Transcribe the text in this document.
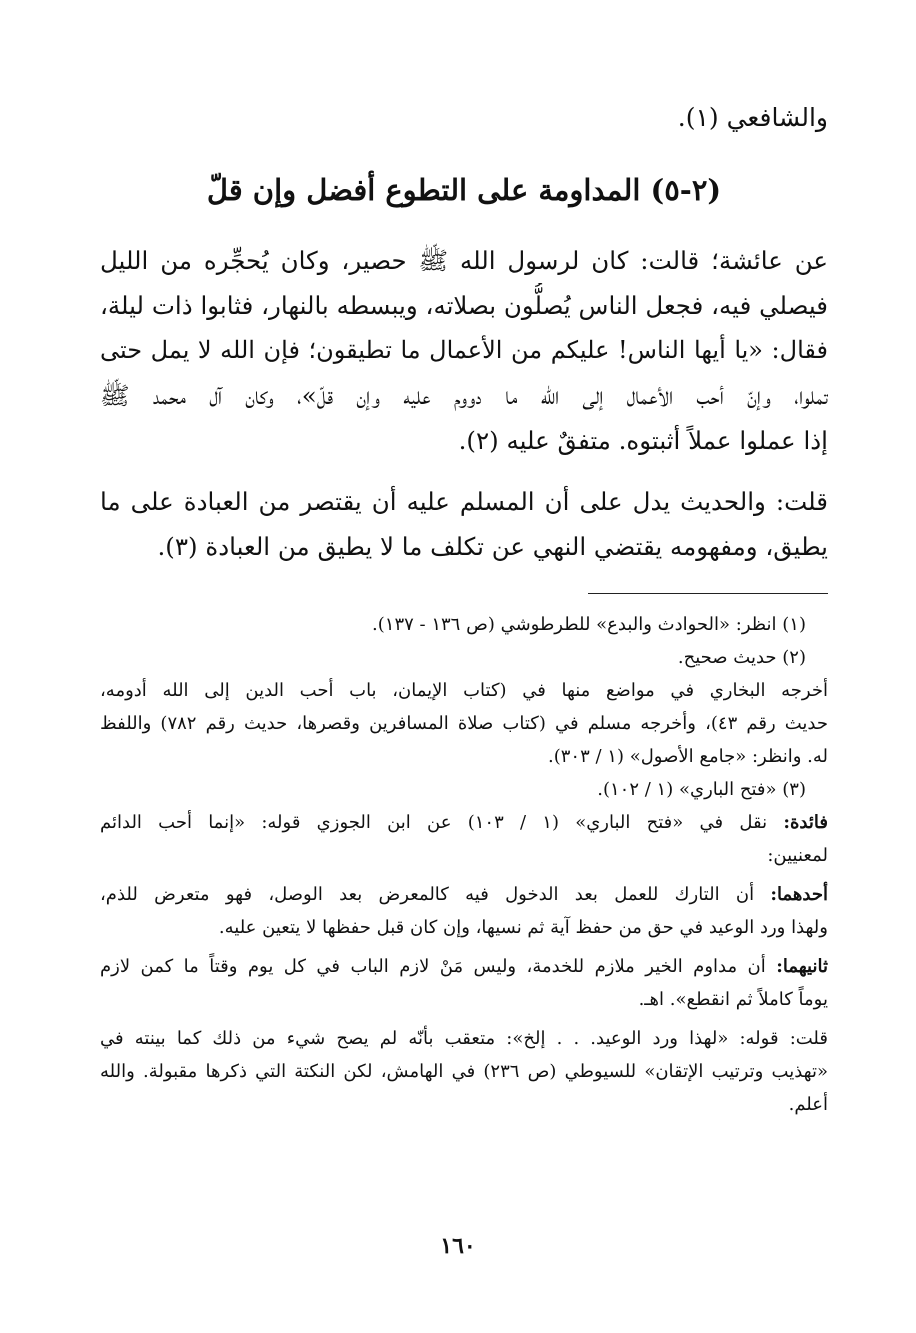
والشافعي (١).
(٢-٥) المداومة على التطوع أفضل وإن قلّ
عن عائشة؛ قالت: كان لرسول الله ﷺ حصير، وكان يُحجِّره من الليل
فيصلي فيه، فجعل الناس يُصلُّون بصلاته، ويبسطه بالنهار، فثابوا ذات ليلة،
فقال: «يا أيها الناس! عليكم من الأعمال ما تطيقون؛ فإن الله لا يمل حتى
تملوا، وإنّ أحب الأعمال إلى الله ما دووم عليه وإن قلّ»، وكان آل محمد ﷺ
إذا عملوا عملاً أثبتوه. متفقٌ عليه (٢).
قلت: والحديث يدل على أن المسلم عليه أن يقتصر من العبادة على ما
يطيق، ومفهومه يقتضي النهي عن تكلف ما لا يطيق من العبادة (٣).
(١) انظر: «الحوادث والبدع» للطرطوشي (ص ١٣٦ - ١٣٧).
(٢) حديث صحيح.
أخرجه البخاري في مواضع منها في (كتاب الإيمان، باب أحب الدين إلى الله أدومه،
حديث رقم ٤٣)، وأخرجه مسلم في (كتاب صلاة المسافرين وقصرها، حديث رقم ٧٨٢) واللفظ
له. وانظر: «جامع الأصول» (١ / ٣٠٣).
(٣) «فتح الباري» (١ / ١٠٢).
فائدة: نقل في «فتح الباري» (١ / ١٠٣) عن ابن الجوزي قوله: «إنما أحب الدائم
لمعنيين:
أحدهما: أن التارك للعمل بعد الدخول فيه كالمعرض بعد الوصل، فهو متعرض للذم،
ولهذا ورد الوعيد في حق من حفظ آية ثم نسيها، وإن كان قبل حفظها لا يتعين عليه.
ثانيهما: أن مداوم الخير ملازم للخدمة، وليس مَنْ لازم الباب في كل يوم وقتاً ما كمن لازم
يوماً كاملاً ثم انقطع». اهـ.
قلت: قوله: «لهذا ورد الوعيد. . . إلخ»: متعقب بأنّه لم يصح شيء من ذلك كما بينته في
«تهذيب وترتيب الإتقان» للسيوطي (ص ٢٣٦) في الهامش، لكن النكتة التي ذكرها مقبولة. والله
أعلم.
١٦٠
